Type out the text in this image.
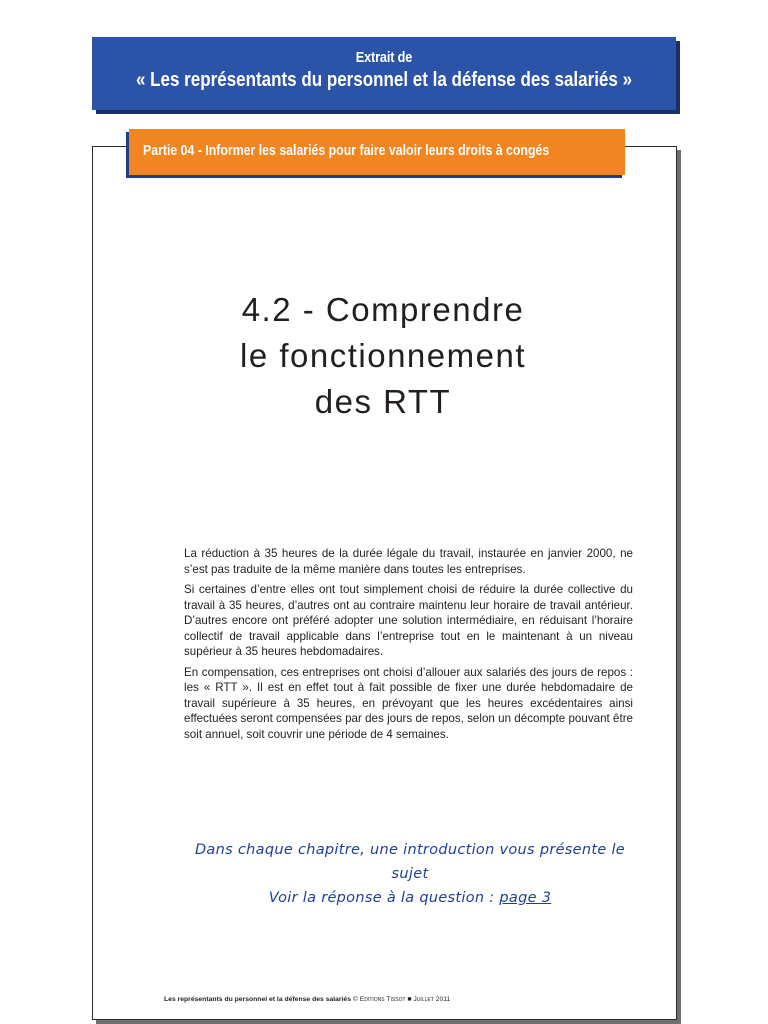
Extrait de
« Les représentants du personnel et la défense des salariés »
Partie 04 - Informer les salariés pour faire valoir leurs droits à congés
4.2 - Comprendre
le fonctionnement
des RTT

La réduction à 35 heures de la durée légale du travail, instaurée en janvier 2000, ne s’est pas traduite de la même manière dans toutes les entreprises.

Si certaines d’entre elles ont tout simplement choisi de réduire la durée collective du travail à 35 heures, d’autres ont au contraire maintenu leur horaire de travail antérieur. D’autres encore ont préféré adopter une solution intermédiaire, en réduisant l’horaire collectif de travail applicable dans l’entreprise tout en le maintenant à un niveau supérieur à 35 heures hebdomadaires.

En compensation, ces entreprises ont choisi d’allouer aux salariés des jours de repos : les « RTT ». Il est en effet tout à fait possible de fixer une durée hebdomadaire de travail supérieure à 35 heures, en prévoyant que les heures excédentaires ainsi effectuées seront compensées par des jours de repos, selon un décompte pouvant être soit annuel, soit couvrir une période de 4 semaines.

Dans chaque chapitre, une introduction vous présente le sujet
Voir la réponse à la question : page 3
Les représentants du personnel et la défense des salariés © Editions Tissot ■ Juillet 2011
